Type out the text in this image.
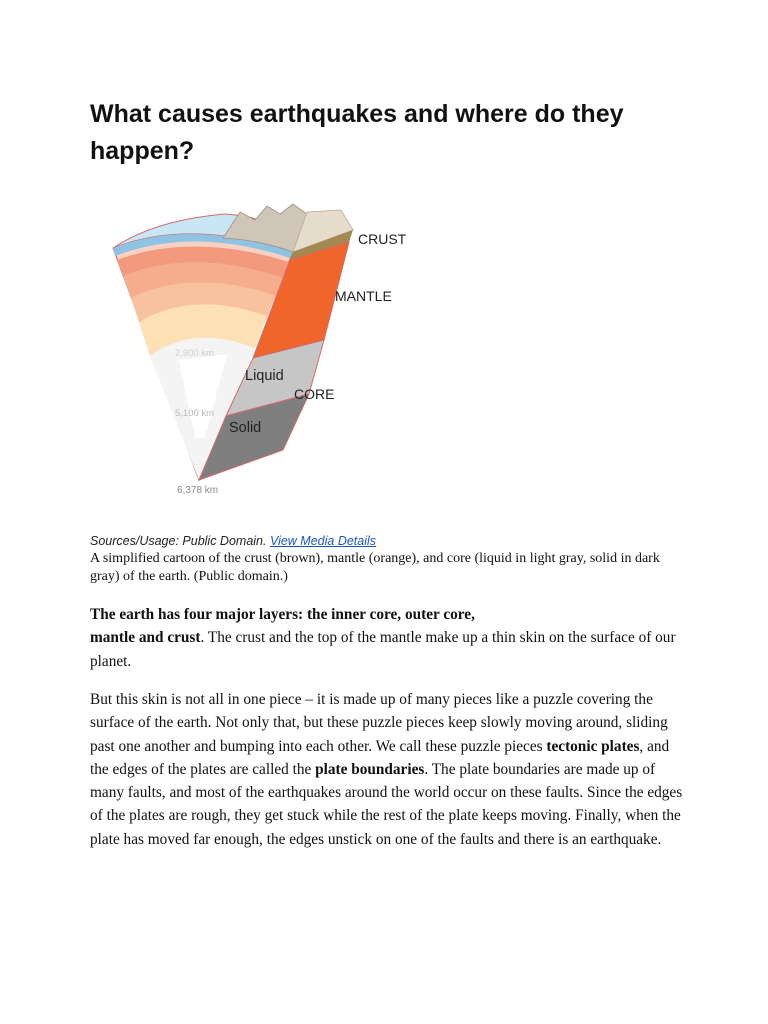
What causes earthquakes and where do they happen?
2,900 km
5,100 km
6,378 km
CRUST
MANTLE
Liquid
CORE
Solid
Sources/Usage: Public Domain. View Media Details
A simplified cartoon of the crust (brown), mantle (orange), and core (liquid in light gray, solid in dark gray) of the earth. (Public domain.)

The earth has four major layers: the inner core, outer core,
mantle and crust. The crust and the top of the mantle make up a thin skin on the surface of our planet.

But this skin is not all in one piece – it is made up of many pieces like a puzzle covering the surface of the earth. Not only that, but these puzzle pieces keep slowly moving around, sliding past one another and bumping into each other. We call these puzzle pieces tectonic plates, and the edges of the plates are called the plate boundaries. The plate boundaries are made up of many faults, and most of the earthquakes around the world occur on these faults. Since the edges of the plates are rough, they get stuck while the rest of the plate keeps moving. Finally, when the plate has moved far enough, the edges unstick on one of the faults and there is an earthquake.
